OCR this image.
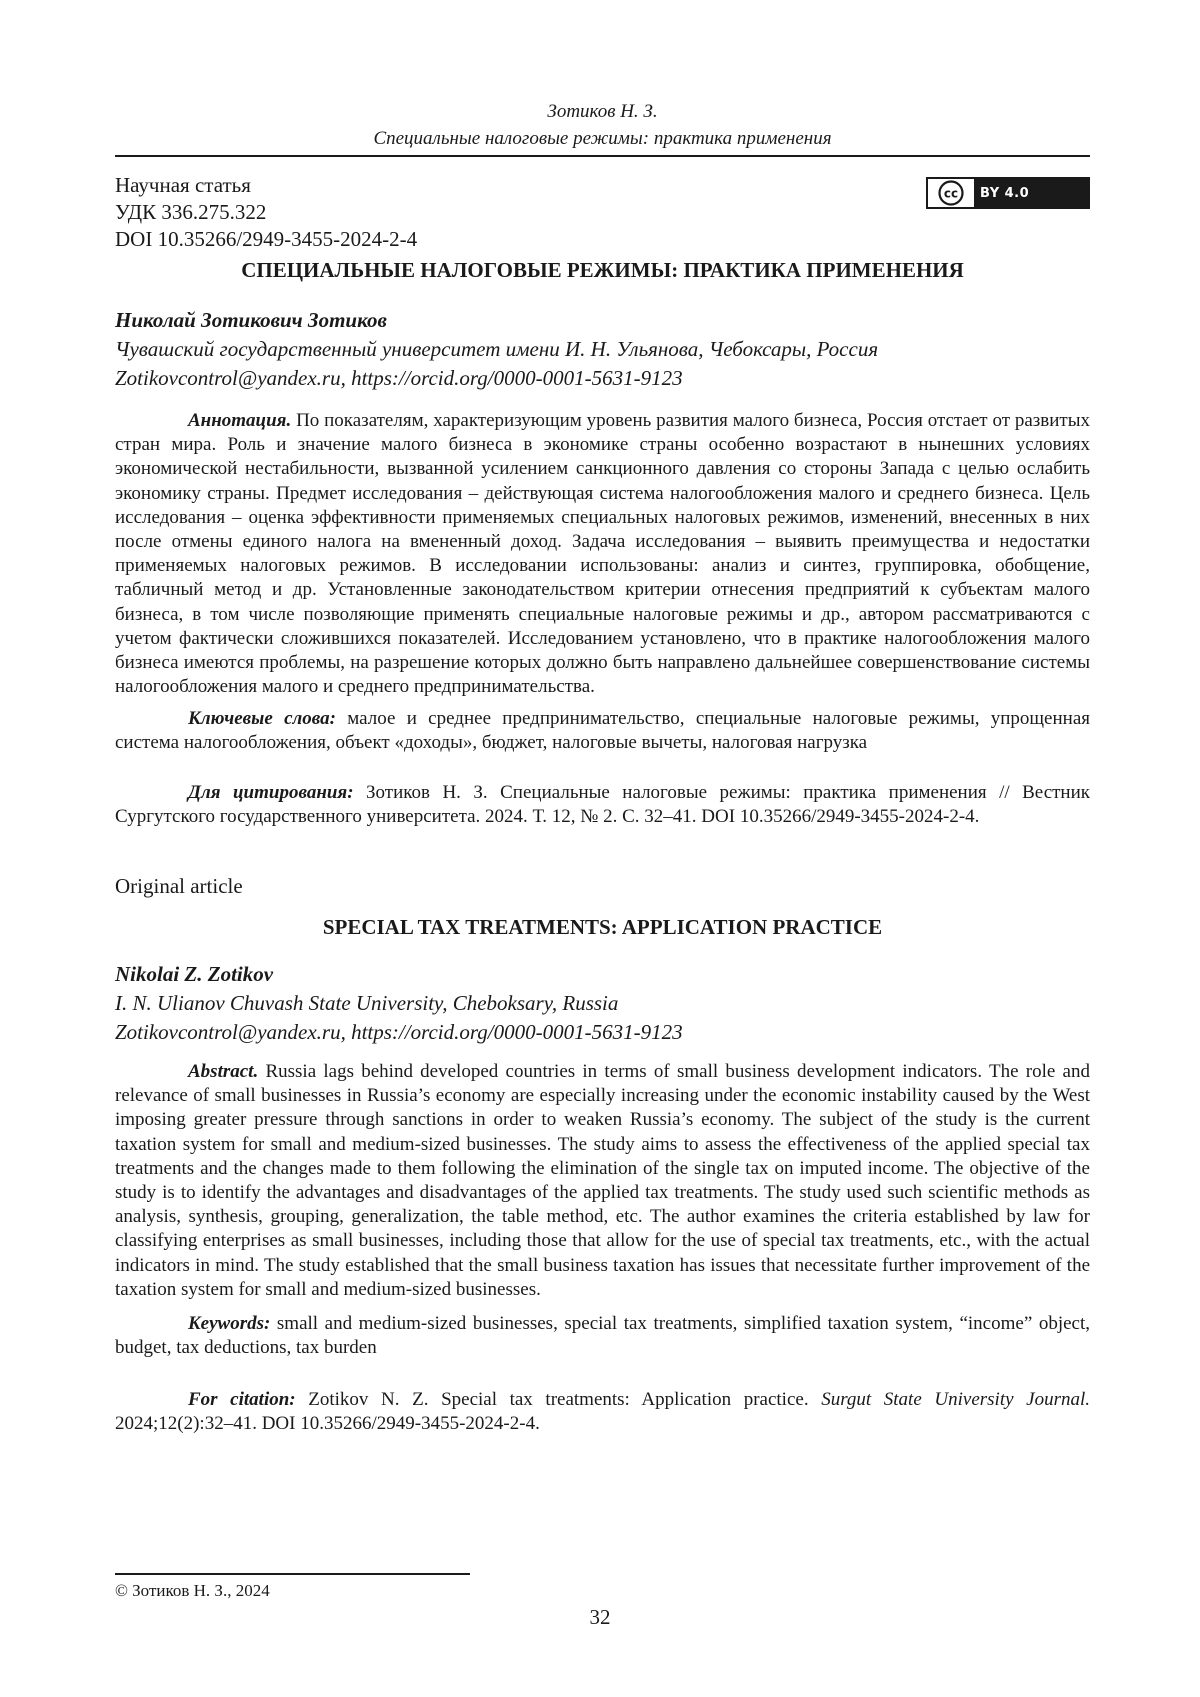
Зотиков Н. З.
Специальные налоговые режимы: практика применения
Научная статья
УДК 336.275.322
DOI 10.35266/2949-3455-2024-2-4
cc	BY 4.0
СПЕЦИАЛЬНЫЕ НАЛОГОВЫЕ РЕЖИМЫ: ПРАКТИКА ПРИМЕНЕНИЯ
Николай Зотикович Зотиков
Чувашский государственный университет имени И. Н. Ульянова, Чебоксары, Россия
Zotikovcontrol@yandex.ru, https://orcid.org/0000-0001-5631-9123
Аннотация. По показателям, характеризующим уровень развития малого бизнеса, Россия отстает от развитых стран мира. Роль и значение малого бизнеса в экономике страны особенно возрастают в нынешних условиях экономической нестабильности, вызванной усилением санкционного давления со стороны Запада с целью ослабить экономику страны. Предмет исследования – действующая система налогообложения малого и среднего бизнеса. Цель исследования – оценка эффективности применяемых специальных налоговых режимов, изменений, внесенных в них после отмены единого налога на вмененный доход. Задача исследования – выявить преимущества и недостатки применяемых налоговых режимов. В исследовании использованы: анализ и синтез, группировка, обобщение, табличный метод и др. Установленные законодательством критерии отнесения предприятий к субъектам малого бизнеса, в том числе позволяющие применять специальные налоговые режимы и др., автором рассматриваются с учетом фактически сложившихся показателей. Исследованием установлено, что в практике налогообложения малого бизнеса имеются проблемы, на разрешение которых должно быть направлено дальнейшее совершенствование системы налогообложения малого и среднего предпринимательства.
Ключевые слова: малое и среднее предпринимательство, специальные налоговые режимы, упрощенная система налогообложения, объект «доходы», бюджет, налоговые вычеты, налоговая нагрузка
Для цитирования: Зотиков Н. З. Специальные налоговые режимы: практика применения // Вестник Сургутского государственного университета. 2024. Т. 12, № 2. С. 32–41. DOI 10.35266/2949-3455-2024-2-4.
Original article
SPECIAL TAX TREATMENTS: APPLICATION PRACTICE
Nikolai Z. Zotikov
I. N. Ulianov Chuvash State University, Cheboksary, Russia
Zotikovcontrol@yandex.ru, https://orcid.org/0000-0001-5631-9123
Abstract. Russia lags behind developed countries in terms of small business development indicators. The role and relevance of small businesses in Russia’s economy are especially increasing under the economic instability caused by the West imposing greater pressure through sanctions in order to weaken Russia’s economy. The subject of the study is the current taxation system for small and medium-sized businesses. The study aims to assess the effectiveness of the applied special tax treatments and the changes made to them following the elimination of the single tax on imputed income. The objective of the study is to identify the advantages and disadvantages of the applied tax treatments. The study used such scientific methods as analysis, synthesis, grouping, generalization, the table method, etc. The author examines the criteria established by law for classifying enterprises as small businesses, including those that allow for the use of special tax treatments, etc., with the actual indicators in mind. The study established that the small business taxation has issues that necessitate further improvement of the taxation system for small and medium-sized businesses.
Keywords: small and medium-sized businesses, special tax treatments, simplified taxation system, “income” object, budget, tax deductions, tax burden
For citation: Zotikov N. Z. Special tax treatments: Application practice. Surgut State University Journal. 2024;12(2):32–41. DOI 10.35266/2949-3455-2024-2-4.
© Зотиков Н. З., 2024
32
